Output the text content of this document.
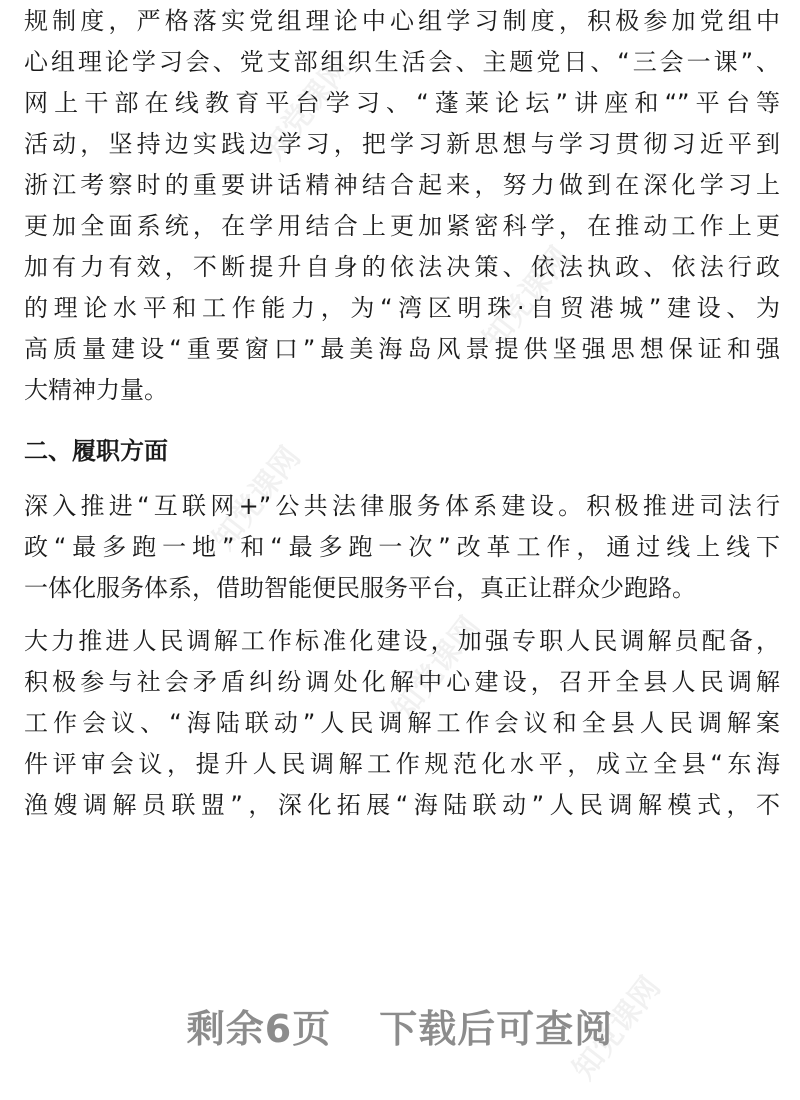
知党课网
知党课网
知党课网
知党课网
知党课网
规制度，严格落实党组理论中心组学习制度，积极参加党组中
心组理论学习会、党支部组织生活会、主题党日、“三会一课”、
网上干部在线教育平台学习、“蓬莱论坛”讲座和“”平台等
活动，坚持边实践边学习，把学习新思想与学习贯彻习近平到
浙江考察时的重要讲话精神结合起来，努力做到在深化学习上
更加全面系统，在学用结合上更加紧密科学，在推动工作上更
加有力有效，不断提升自身的依法决策、依法执政、依法行政
的理论水平和工作能力，为“湾区明珠·自贸港城”建设、为
高质量建设“重要窗口”最美海岛风景提供坚强思想保证和强
大精神力量。
二、履职方面
深入推进“互联网+”公共法律服务体系建设。积极推进司法行
政“最多跑一地”和“最多跑一次”改革工作，通过线上线下
一体化服务体系，借助智能便民服务平台，真正让群众少跑路。
大力推进人民调解工作标准化建设，加强专职人民调解员配备，
积极参与社会矛盾纠纷调处化解中心建设，召开全县人民调解
工作会议、“海陆联动”人民调解工作会议和全县人民调解案
件评审会议，提升人民调解工作规范化水平，成立全县“东海
渔嫂调解员联盟”，深化拓展“海陆联动”人民调解模式，不
剩余6页 下载后可查阅
